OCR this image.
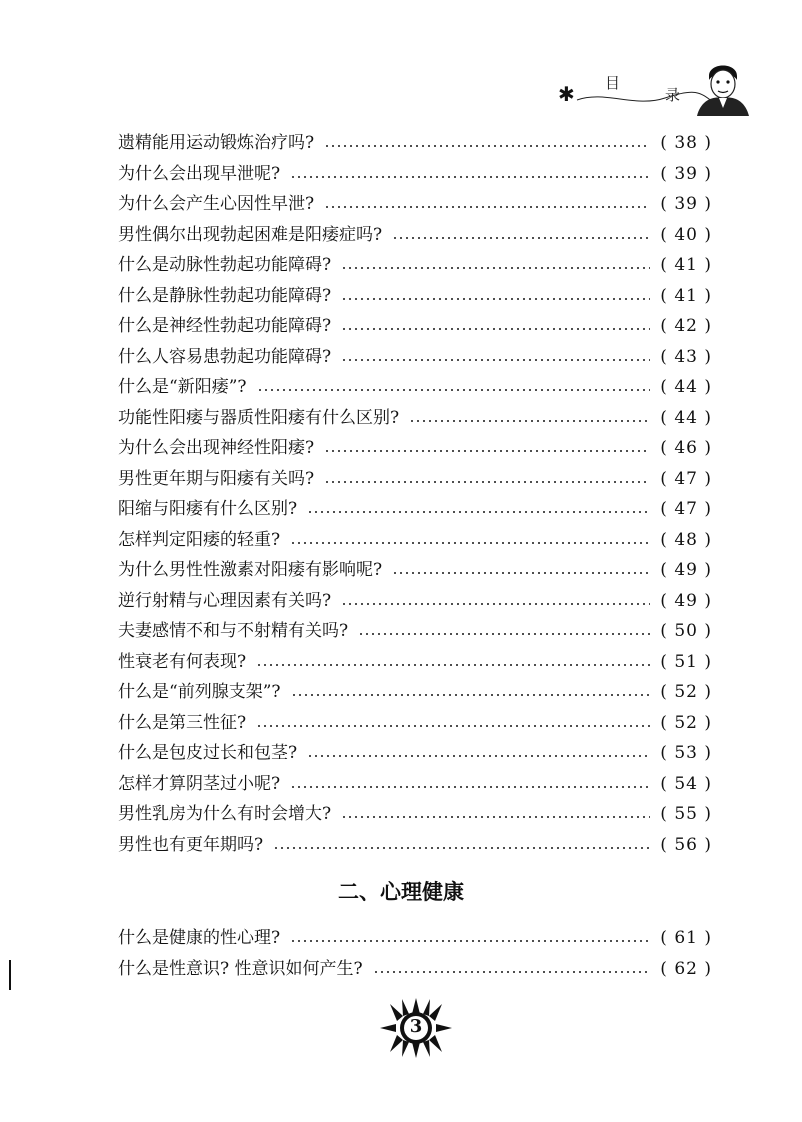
✱ 目
录
遗精能用运动锻炼治疗吗?	( 38 )
为什么会出现早泄呢?	( 39 )
为什么会产生心因性早泄?	( 39 )
男性偶尔出现勃起困难是阳痿症吗?	( 40 )
什么是动脉性勃起功能障碍?	( 41 )
什么是静脉性勃起功能障碍?	( 41 )
什么是神经性勃起功能障碍?	( 42 )
什么人容易患勃起功能障碍?	( 43 )
什么是“新阳痿”?	( 44 )
功能性阳痿与器质性阳痿有什么区别?	( 44 )
为什么会出现神经性阳痿?	( 46 )
男性更年期与阳痿有关吗?	( 47 )
阳缩与阳痿有什么区别?	( 47 )
怎样判定阳痿的轻重?	( 48 )
为什么男性性激素对阳痿有影响呢?	( 49 )
逆行射精与心理因素有关吗?	( 49 )
夫妻感情不和与不射精有关吗?	( 50 )
性衰老有何表现?	( 51 )
什么是“前列腺支架”?	( 52 )
什么是第三性征?	( 52 )
什么是包皮过长和包茎?	( 53 )
怎样才算阴茎过小呢?	( 54 )
男性乳房为什么有时会增大?	( 55 )
男性也有更年期吗?	( 56 )
二、心理健康
什么是健康的性心理?	( 61 )
什么是性意识? 性意识如何产生?	( 62 )
3
